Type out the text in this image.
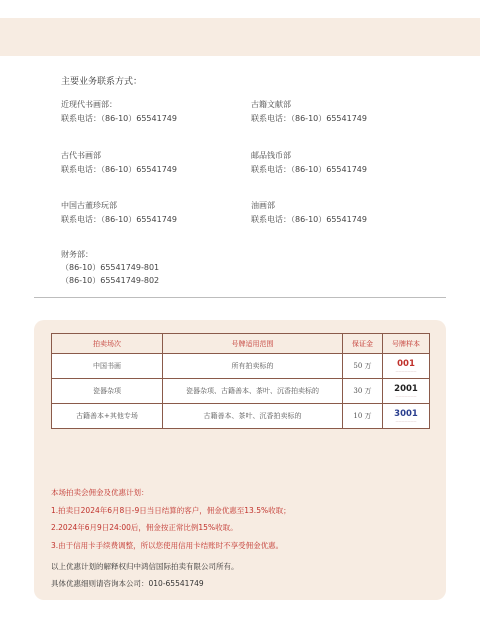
主要业务联系方式：
近现代书画部：
联系电话：（86-10）65541749
古籍文献部
联系电话：（86-10）65541749
古代书画部
联系电话：（86-10）65541749
邮品钱币部
联系电话：（86-10）65541749
中国古董珍玩部
联系电话：（86-10）65541749
油画部
联系电话：（86-10）65541749
财务部：
（86-10）65541749-801
（86-10）65541749-802
拍卖场次	号牌适用范围	保证金	号牌样本
中国书画	所有拍卖标的	50 万	001
———————

瓷器杂项	瓷器杂项、古籍善本、茶叶、沉香拍卖标的	30 万	2001
———————

古籍善本+其他专场	古籍善本、茶叶、沉香拍卖标的	10 万	3001
———————
本场拍卖会佣金及优惠计划：
1.拍卖日2024年6月8日-9日当日结算的客户，佣金优惠至13.5%收取；
2.2024年6月9日24:00后，佣金按正常比例15%收取。
3.由于信用卡手续费调整，所以您使用信用卡结账时不享受佣金优惠。
以上优惠计划的解释权归中鸿信国际拍卖有限公司所有。
具体优惠细则请咨询本公司：010-65541749
